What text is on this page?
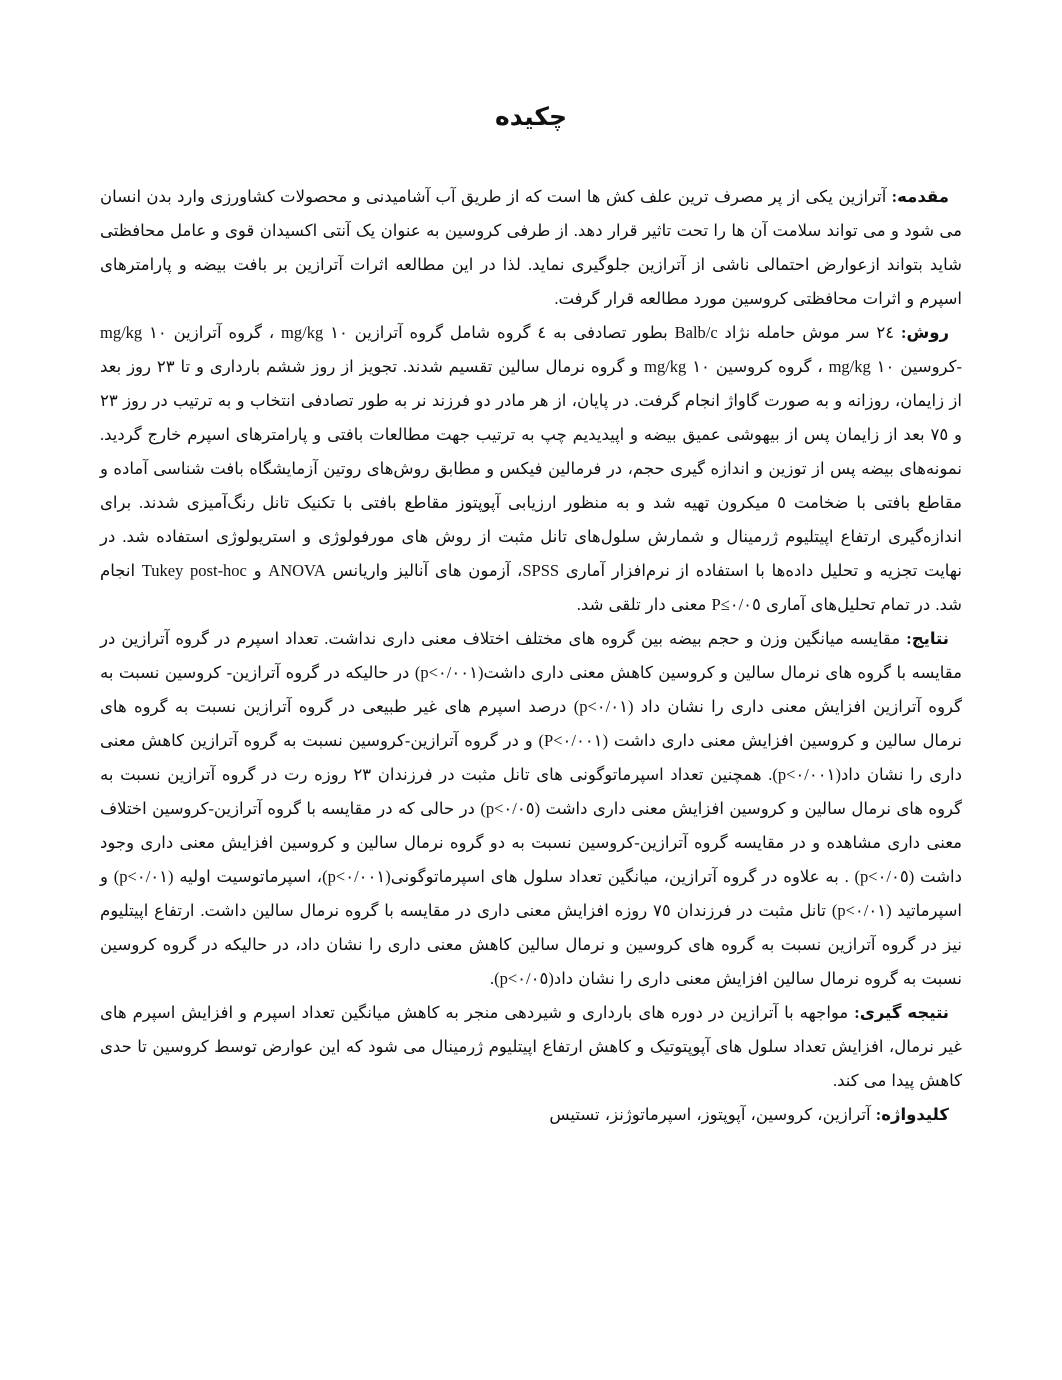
چکیده

مقدمه: آترازین یکی از پر مصرف ترین علف کش ها است که از طریق آب آشامیدنی و محصولات کشاورزی وارد بدن انسان می شود و می تواند سلامت آن ها را تحت تاثیر قرار دهد. از طرفی کروسین به عنوان یک آنتی اکسیدان قوی و عامل محافظتی شاید بتواند ازعوارض احتمالی ناشی از آترازین جلوگیری نماید. لذا در این مطالعه اثرات آترازین بر بافت بیضه و پارامترهای اسپرم و اثرات محافظتی کروسین مورد مطالعه قرار گرفت.

روش: ٢٤ سر موش حامله نژاد Balb/c بطور تصادفی به ٤ گروه شامل گروه آترازین ١٠ mg/kg ، گروه آترازین ١٠ mg/kg -کروسین ١٠ mg/kg ، گروه کروسین ١٠ mg/kg و گروه نرمال سالین تقسیم شدند. تجویز از روز ششم بارداری و تا ٢٣ روز بعد از زایمان، روزانه و به صورت گاواژ انجام گرفت. در پایان، از هر مادر دو فرزند نر به طور تصادفی انتخاب و به ترتیب در روز ٢٣ و ٧٥ بعد از زایمان پس از بیهوشی عمیق بیضه و اپیدیدیم چپ به ترتیب جهت مطالعات بافتی و پارامترهای اسپرم خارج گردید. نمونه‌های بیضه پس از توزین و اندازه گیری حجم، در فرمالین فیکس و مطابق روش‌های روتین آزمایشگاه بافت شناسی آماده و مقاطع بافتی با ضخامت ٥ میکرون تهیه شد و به منظور ارزیابی آپوپتوز مقاطع بافتی با تکنیک تانل رنگ‌آمیزی شدند. برای اندازه‌گیری ارتفاع اپیتلیوم ژرمینال و شمارش سلول‌های تانل مثبت از روش های مورفولوژی و استریولوژی استفاده شد. در نهایت تجزیه و تحلیل داده‌ها با استفاده از نرم‌افزار آماری SPSS، آزمون های آنالیز واریانس ANOVA و Tukey post-hoc انجام شد. در تمام تحلیل‌های آماری ⁦P≤٠/٠٥⁩ معنی دار تلقی شد.

نتایج: مقایسه میانگین وزن و حجم بیضه بین گروه های مختلف اختلاف معنی داری نداشت. تعداد اسپرم در گروه آترازین در مقایسه با گروه های نرمال سالین و کروسین کاهش معنی داری داشت⁦(p<٠/٠٠١)⁩ در حالیکه در گروه آترازین- کروسین نسبت به گروه آترازین افزایش معنی داری را نشان داد ⁦(p<٠/٠١)⁩ درصد اسپرم های غیر طبیعی در گروه آترازین نسبت به گروه های نرمال سالین و کروسین افزایش معنی داری داشت ⁦(P<٠/٠٠١)⁩ و در گروه آترازین-کروسین نسبت به گروه آترازین کاهش معنی داری را نشان داد⁦(p<٠/٠٠١)⁩. همچنین تعداد اسپرماتوگونی های تانل مثبت در فرزندان ٢٣ روزه رت در گروه آترازین نسبت به گروه های نرمال سالین و کروسین افزایش معنی داری داشت ⁦(p<٠/٠٥)⁩ در حالی که در مقایسه با گروه آترازین-کروسین اختلاف معنی داری مشاهده و در مقایسه گروه آترازین-کروسین نسبت به دو گروه نرمال سالین و کروسین افزایش معنی داری وجود داشت ⁦(p<٠/٠٥)⁩ . به علاوه در گروه آترازین، میانگین تعداد سلول های اسپرماتوگونی⁦(p<٠/٠٠١)⁩، اسپرماتوسیت اولیه ⁦(p<٠/٠١)⁩ و اسپرماتید ⁦(p<٠/٠١)⁩ تانل مثبت در فرزندان ٧٥ روزه افزایش معنی داری در مقایسه با گروه نرمال سالین داشت. ارتفاع اپیتلیوم نیز در گروه آترازین نسبت به گروه های کروسین و نرمال سالین کاهش معنی داری را نشان داد، در حالیکه در گروه کروسین نسبت به گروه نرمال سالین افزایش معنی داری را نشان داد⁦(p<٠/٠٥)⁩.

نتیجه گیری: مواجهه با آترازین در دوره های بارداری و شیردهی منجر به کاهش میانگین تعداد اسپرم و افزایش اسپرم های غیر نرمال، افزایش تعداد سلول های آپوپتوتیک و کاهش ارتفاع اپیتلیوم ژرمینال می شود که این عوارض توسط کروسین تا حدی کاهش پیدا می کند.

کلیدواژه: آترازین، کروسین، آپوپتوز، اسپرماتوژنز، تستیس
